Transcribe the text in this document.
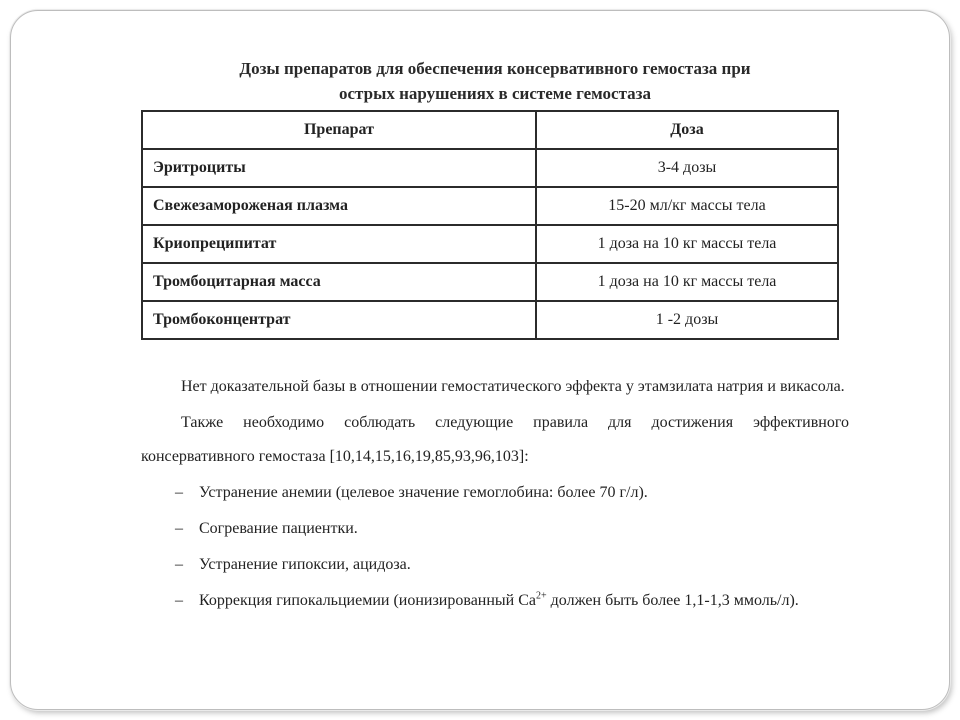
Дозы препаратов для обеспечения консервативного гемостаза при
острых нарушениях в системе гемостаза
Препарат	Доза
Эритроциты	3-4 дозы
Свежезамороженая плазма	15-20 мл/кг массы тела
Криопреципитат	1 доза на 10 кг массы тела
Тромбоцитарная масса	1 доза на 10 кг массы тела
Тромбоконцентрат	1 -2 дозы

Нет доказательной базы в отношении гемостатического эффекта у этамзилата натрия и викасола.

Также необходимо соблюдать следующие правила для достижения эффективного консервативного гемостаза [10,14,15,16,19,85,93,96,103]:

– Устранение анемии (целевое значение гемоглобина: более 70 г/л).
– Согревание пациентки.
– Устранение гипоксии, ацидоза.
– Коррекция гипокальциемии (ионизированный $Ca^{2+}$ должен быть более 1,1-1,3 ммоль/л).
